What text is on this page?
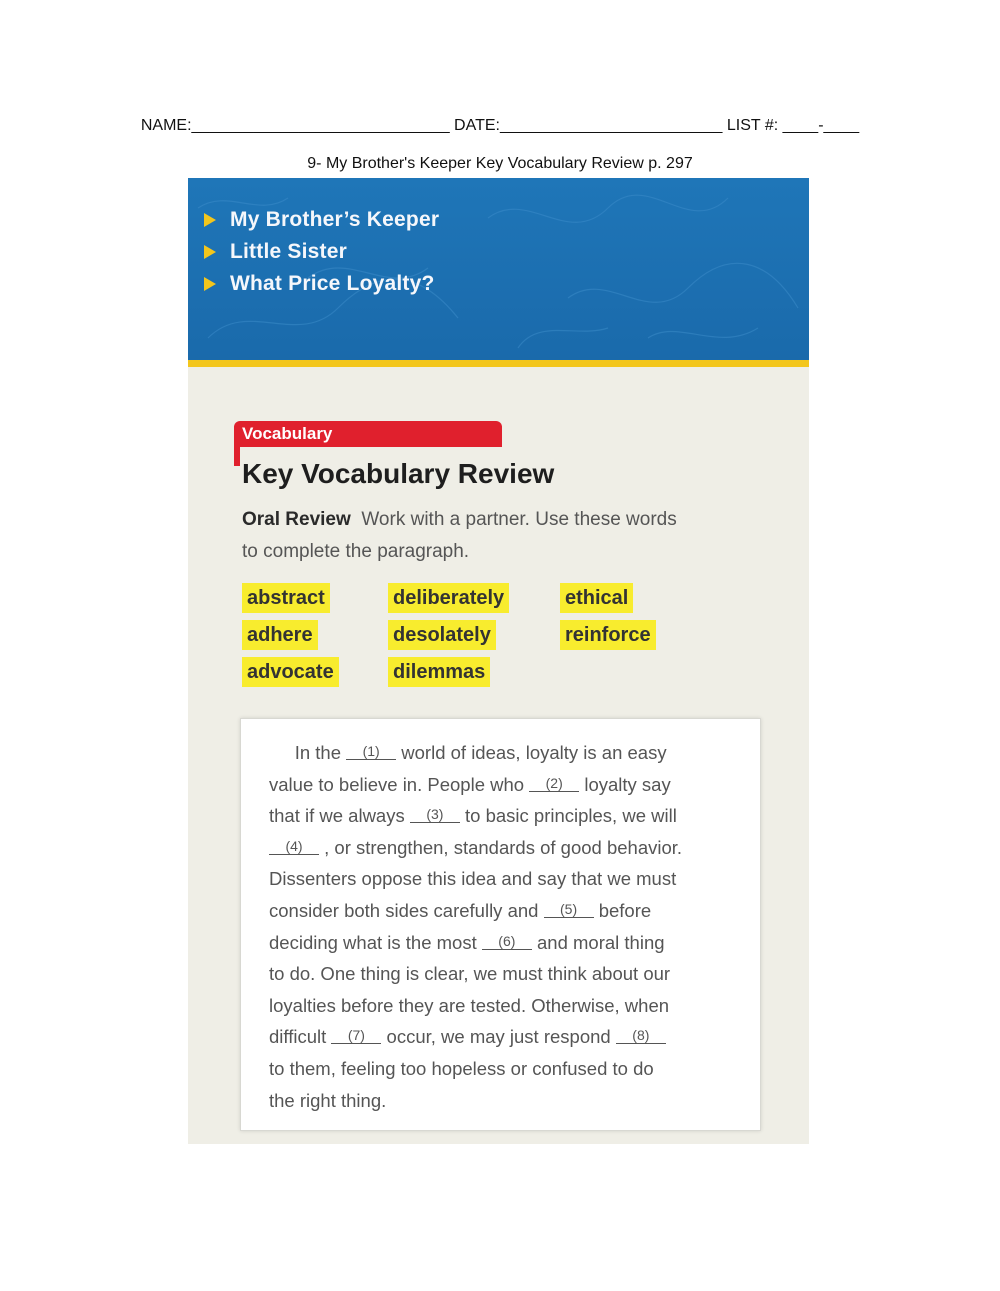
NAME:_____________________________ DATE:_________________________ LIST #: ____-____
9- My Brother's Keeper Key Vocabulary Review p. 297
My Brother’s Keeper
Little Sister
What Price Loyalty?
Vocabulary
Key Vocabulary Review
Oral Review Work with a partner. Use these words
to complete the paragraph.
abstract
adhere
advocate
deliberately
desolately
dilemmas
ethical
reinforce
In the (1) world of ideas, loyalty is an easy
value to believe in. People who (2) loyalty say
that if we always (3) to basic principles, we will
(4) , or strengthen, standards of good behavior.
Dissenters oppose this idea and say that we must
consider both sides carefully and (5) before
deciding what is the most (6) and moral thing
to do. One thing is clear, we must think about our
loyalties before they are tested. Otherwise, when
difficult (7) occur, we may just respond (8)
to them, feeling too hopeless or confused to do
the right thing.
